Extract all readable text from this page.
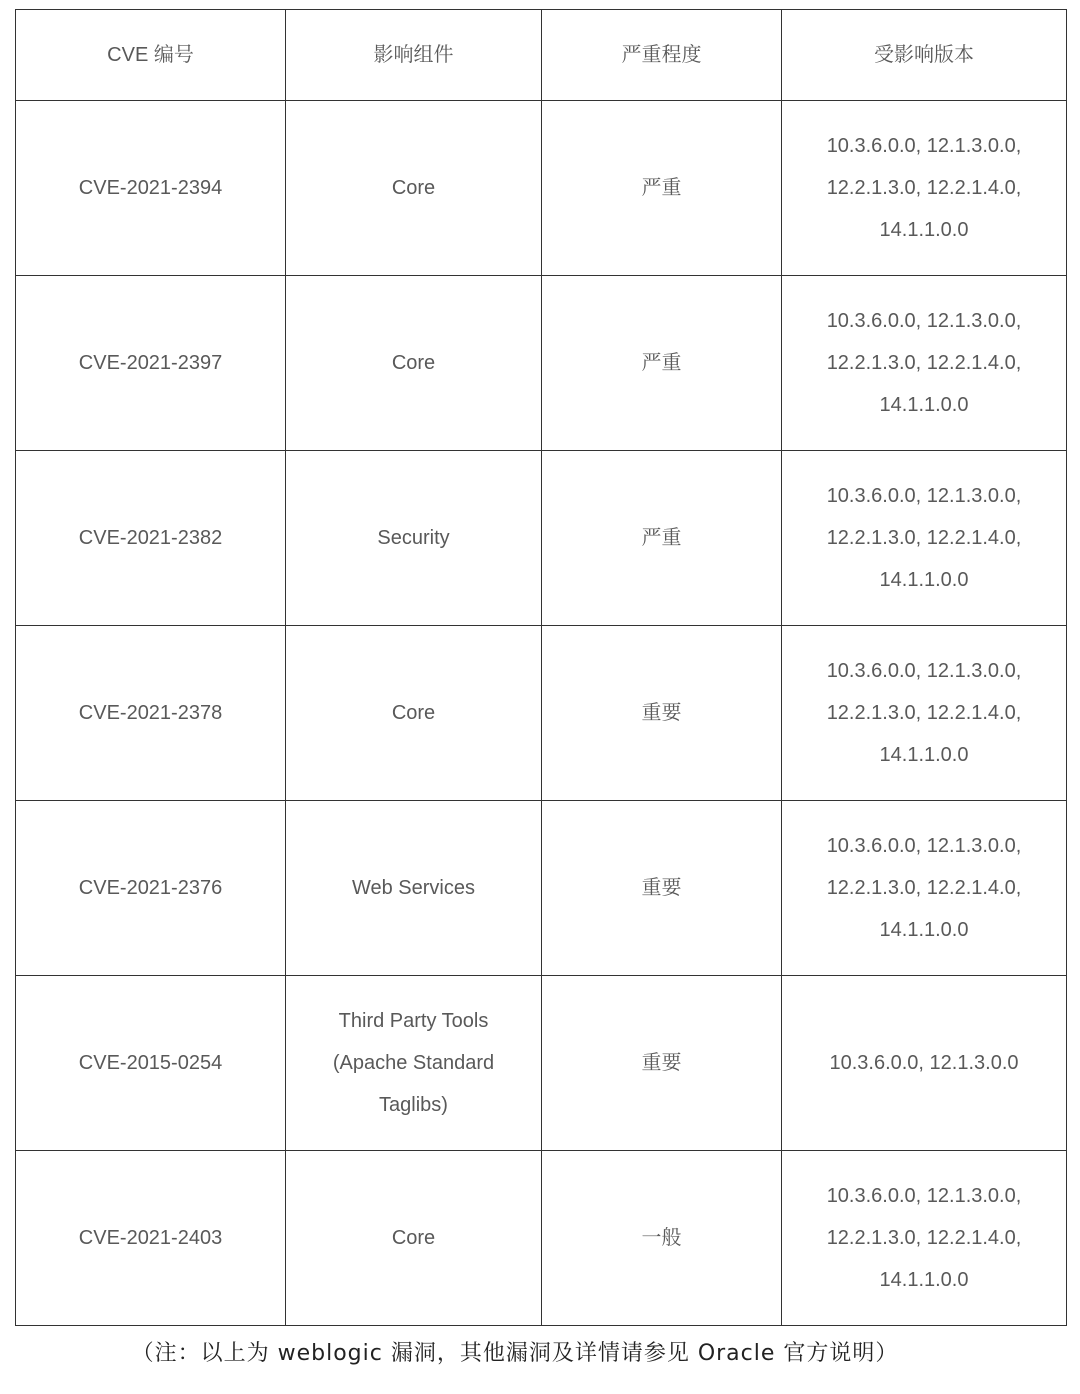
CVE 编号	影响组件	严重程度	受影响版本
CVE-2021-2394	Core	严重	10.3.6.0.0, 12.1.3.0.0,
12.2.1.3.0, 12.2.1.4.0,
14.1.1.0.0

CVE-2021-2397	Core	严重	10.3.6.0.0, 12.1.3.0.0,
12.2.1.3.0, 12.2.1.4.0,
14.1.1.0.0

CVE-2021-2382	Security	严重	10.3.6.0.0, 12.1.3.0.0,
12.2.1.3.0, 12.2.1.4.0,
14.1.1.0.0

CVE-2021-2378	Core	重要	10.3.6.0.0, 12.1.3.0.0,
12.2.1.3.0, 12.2.1.4.0,
14.1.1.0.0

CVE-2021-2376	Web Services	重要	10.3.6.0.0, 12.1.3.0.0,
12.2.1.3.0, 12.2.1.4.0,
14.1.1.0.0

CVE-2015-0254	Third Party Tools
(Apache Standard
Taglibs)	重要	10.3.6.0.0, 12.1.3.0.0

CVE-2021-2403	Core	一般	10.3.6.0.0, 12.1.3.0.0,
12.2.1.3.0, 12.2.1.4.0,
14.1.1.0.0
（注：以上为 weblogic 漏洞，其他漏洞及详情请参见 Oracle 官方说明）
